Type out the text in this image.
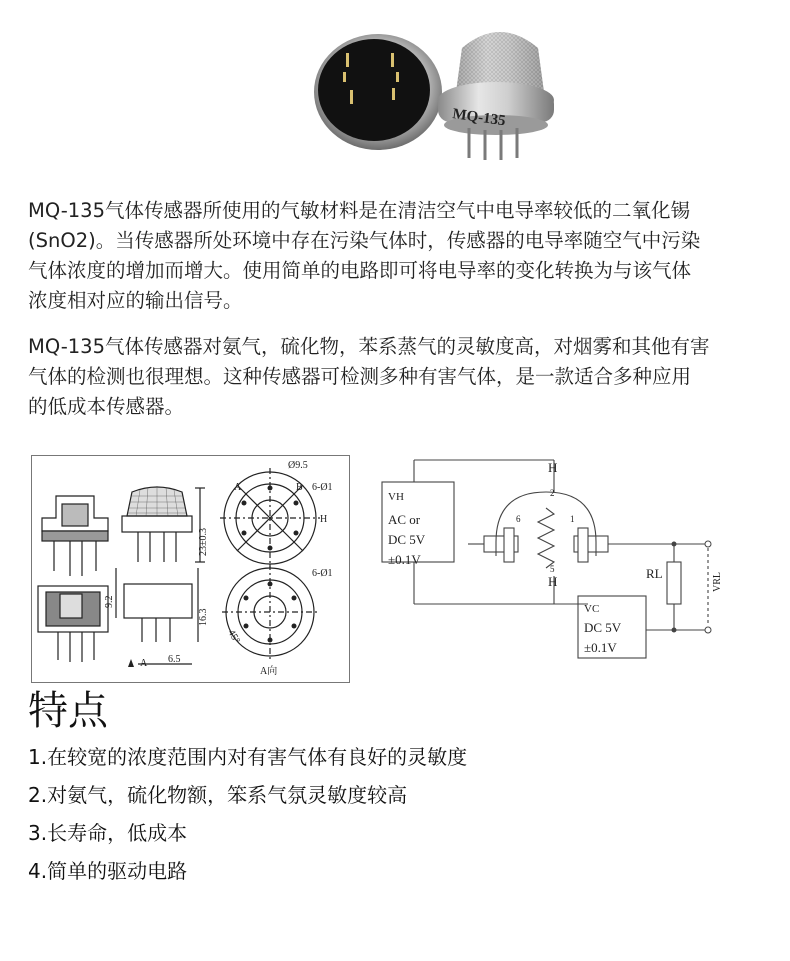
MQ-135
MQ-135气体传感器所使用的气敏材料是在清洁空气中电导率较低的二氧化锡
(SnO2)。当传感器所处环境中存在污染气体时，传感器的电导率随空气中污染
气体浓度的增加而增大。使用简单的电路即可将电导率的变化转换为与该气体
浓度相对应的输出信号。
MQ-135气体传感器对氨气，硫化物，苯系蒸气的灵敏度高，对烟雾和其他有害
气体的检测也很理想。这种传感器可检测多种有害气体，是一款适合多种应用
的低成本传感器。
Ø9.5
6-Ø1
6-Ø1
23±0.3
9.2
16.3
6.5
45°
A向
A	B
H
A
H
H
VH
AC or
DC 5V
±0.1V
VC
DC 5V
±0.1V
RL	VRL
2
5
6	1
特点
1.在较宽的浓度范围内对有害气体有良好的灵敏度
2.对氨气，硫化物额，笨系气氛灵敏度较高
3.长寿命，低成本
4.简单的驱动电路
